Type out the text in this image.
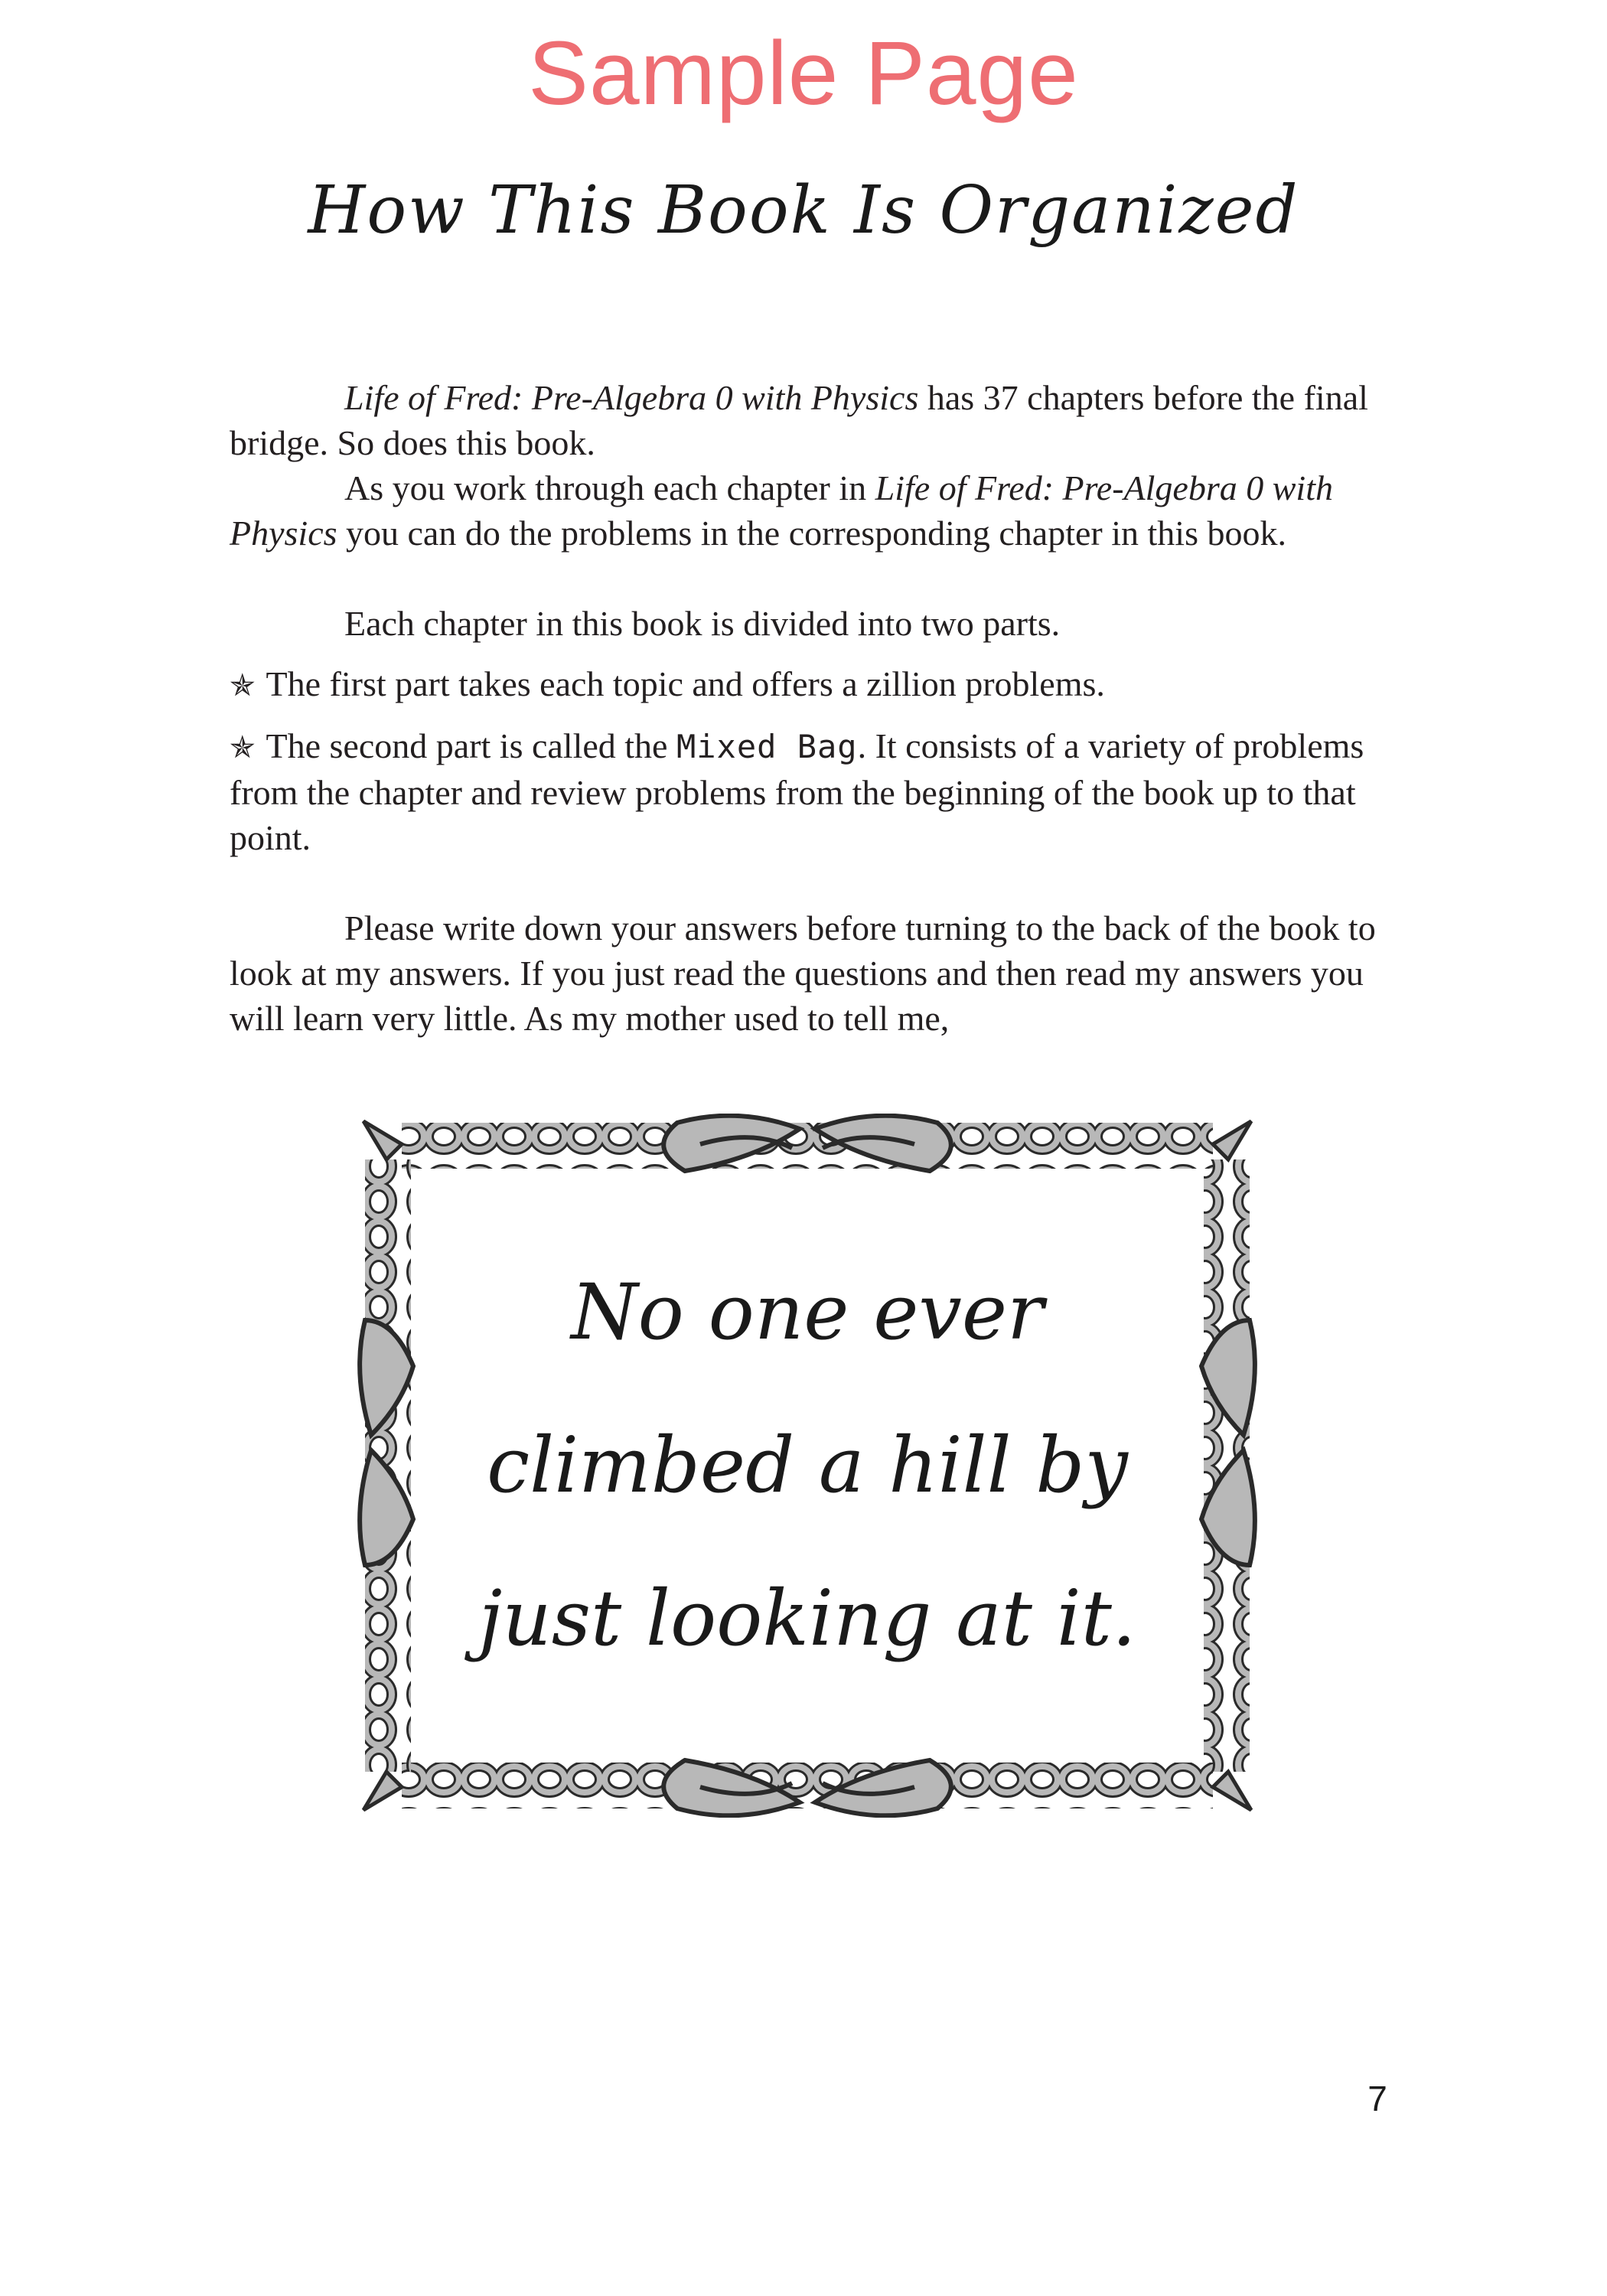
Sample Page
How This Book Is Organized

Life of Fred: Pre-Algebra 0 with Physics has 37 chapters before the final bridge. So does this book.

As you work through each chapter in Life of Fred: Pre-Algebra 0 with Physics you can do the problems in the corresponding chapter in this book.

Each chapter in this book is divided into two parts.

✯ The first part takes each topic and offers a zillion problems.

✯ The second part is called the Mixed Bag. It consists of a variety of problems from the chapter and review problems from the beginning of the book up to that point.

Please write down your answers before turning to the back of the book to look at my answers. If you just read the questions and then read my answers you will learn very little. As my mother used to tell me,

No one ever
climbed a hill by
just looking at it.
7
